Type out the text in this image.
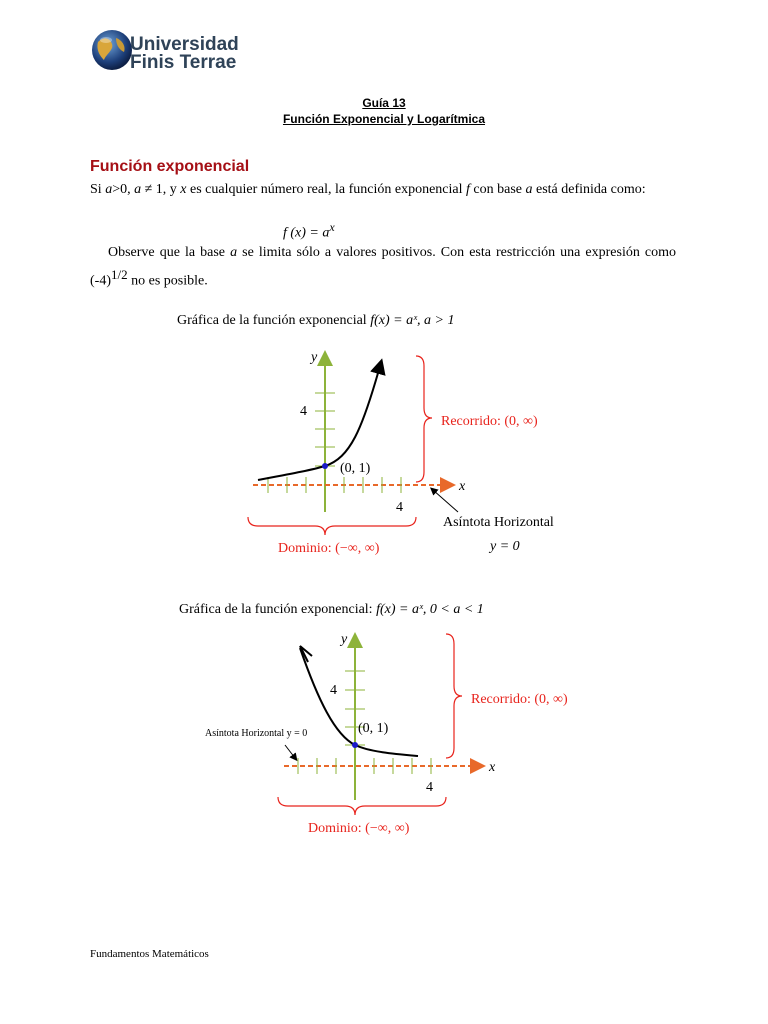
Universidad
Finis Terrae
Guía 13
Función Exponencial y Logarítmica
Función exponencial
Si a>0, a ≠ 1, y x es cualquier número real, la función exponencial f con base a está definida como:
f $(x) = a^x$
Observe que la base a se limita sólo a valores positivos. Con esta restricción una expresión como $(-4)^{1/2}$ no es posible.
Gráfica de la función exponencial f(x) = aˣ, a > 1
y
4
(0, 1)
x
4
Recorrido: (0, ∞)
Asíntota Horizontal
y = 0
Dominio: (−∞, ∞)
Gráfica de la función exponencial: f(x) = aˣ, 0 < a < 1
y
4
(0, 1)
x
4
Recorrido: (0, ∞)
Asíntota Horizontal y = 0
Dominio: (−∞, ∞)
Fundamentos Matemáticos
